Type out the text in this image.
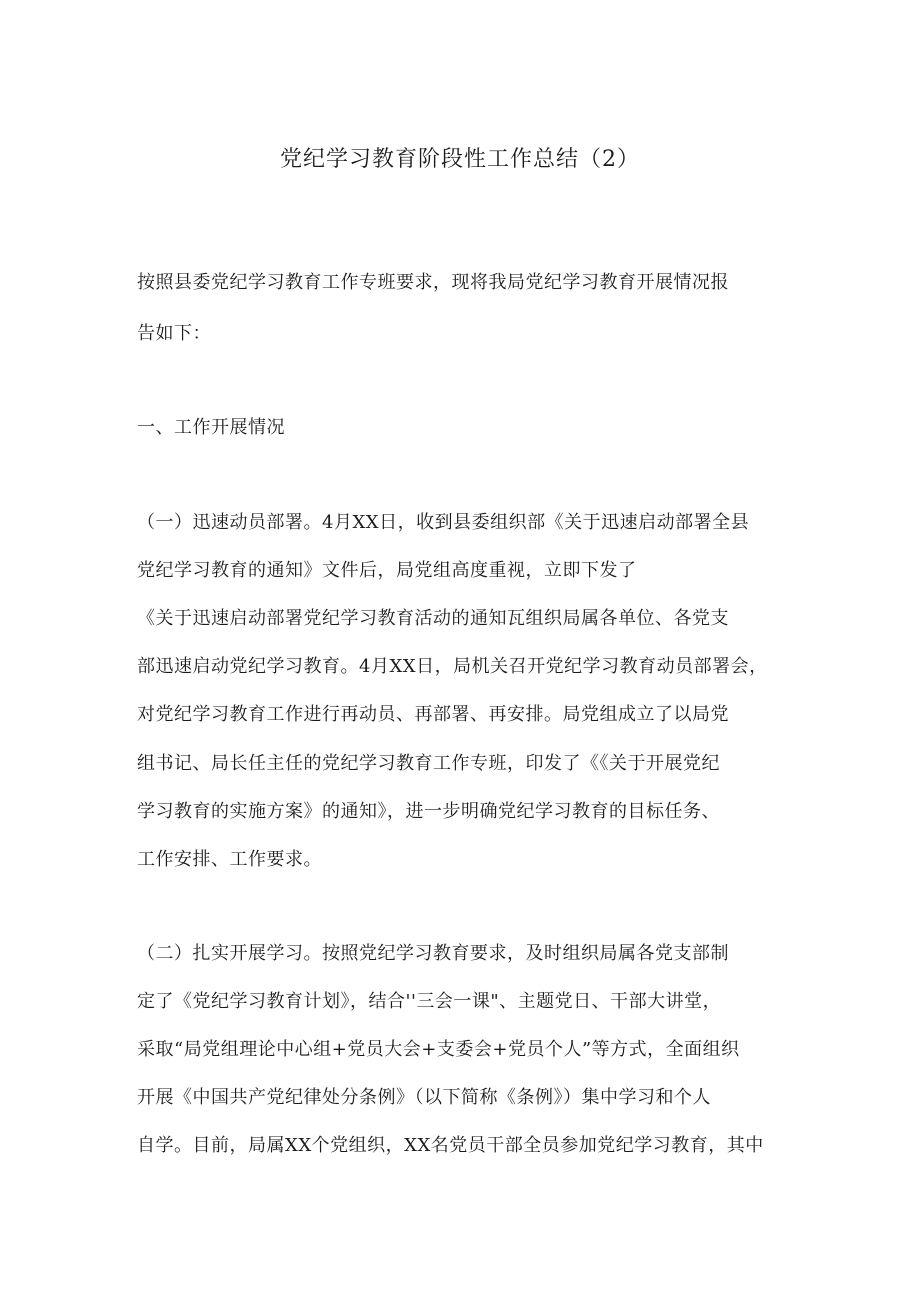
党纪学习教育阶段性工作总结（2）
按照县委党纪学习教育工作专班要求，现将我局党纪学习教育开展情况报
告如下：
一、工作开展情况
（一）迅速动员部署。4月XX日，收到县委组织部《关于迅速启动部署全县
党纪学习教育的通知》文件后，局党组高度重视，立即下发了
《关于迅速启动部署党纪学习教育活动的通知瓦组织局属各单位、各党支
部迅速启动党纪学习教育。4月XX日，局机关召开党纪学习教育动员部署会，
对党纪学习教育工作进行再动员、再部署、再安排。局党组成立了以局党
组书记、局长任主任的党纪学习教育工作专班，印发了《《关于开展党纪
学习教育的实施方案》的通知》，进一步明确党纪学习教育的目标任务、
工作安排、工作要求。
（二）扎实开展学习。按照党纪学习教育要求，及时组织局属各党支部制
定了《党纪学习教育计划》，结合''三会一课"、主题党日、干部大讲堂，
采取“局党组理论中心组+党员大会+支委会+党员个人”等方式，全面组织
开展《中国共产党纪律处分条例》（以下简称《条例》）集中学习和个人
自学。目前，局属XX个党组织，XX名党员干部全员参加党纪学习教育，其中
